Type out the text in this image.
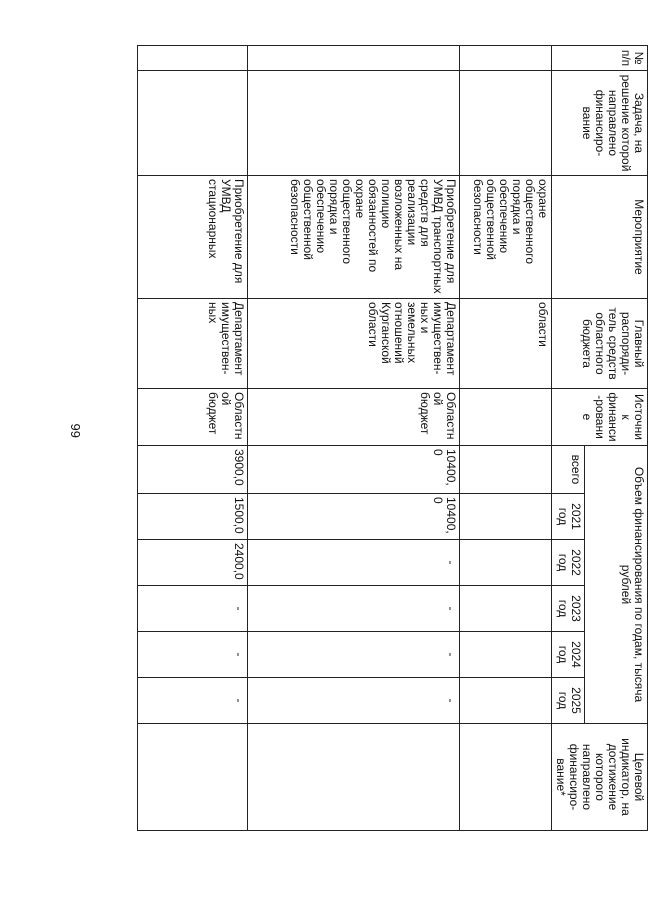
66
№ п/п	Задача, на решение которой направлено финансиро-вание	Мероприятие	Главный распоряди-тель средств областного бюджета	Источник финанси-рование	Объем финансирования по годам, тысяча рублей						Целевой индикатор, на достижение которого направлено финансиро-вание*
					всего	2021 год	2022 год	2023 год	2024 год	2025 год	
		охране общественного порядка и обеспечению общественной безопасности	области								
		Приобретение для УМВД транспортных средств для реализации возложенных на полицию обязанностей по охране общественного порядка и обеспечению общественной безопасности	Департамент имуществен-ных и земельных отношений Курганской области	Областной бюджет	10400,0	10400,0	-	-	-	-	
		Приобретение для УМВД стационарных	Департамент имуществен-ных	Областной бюджет	3900,0	1500,0	2400,0	-	-	-	
